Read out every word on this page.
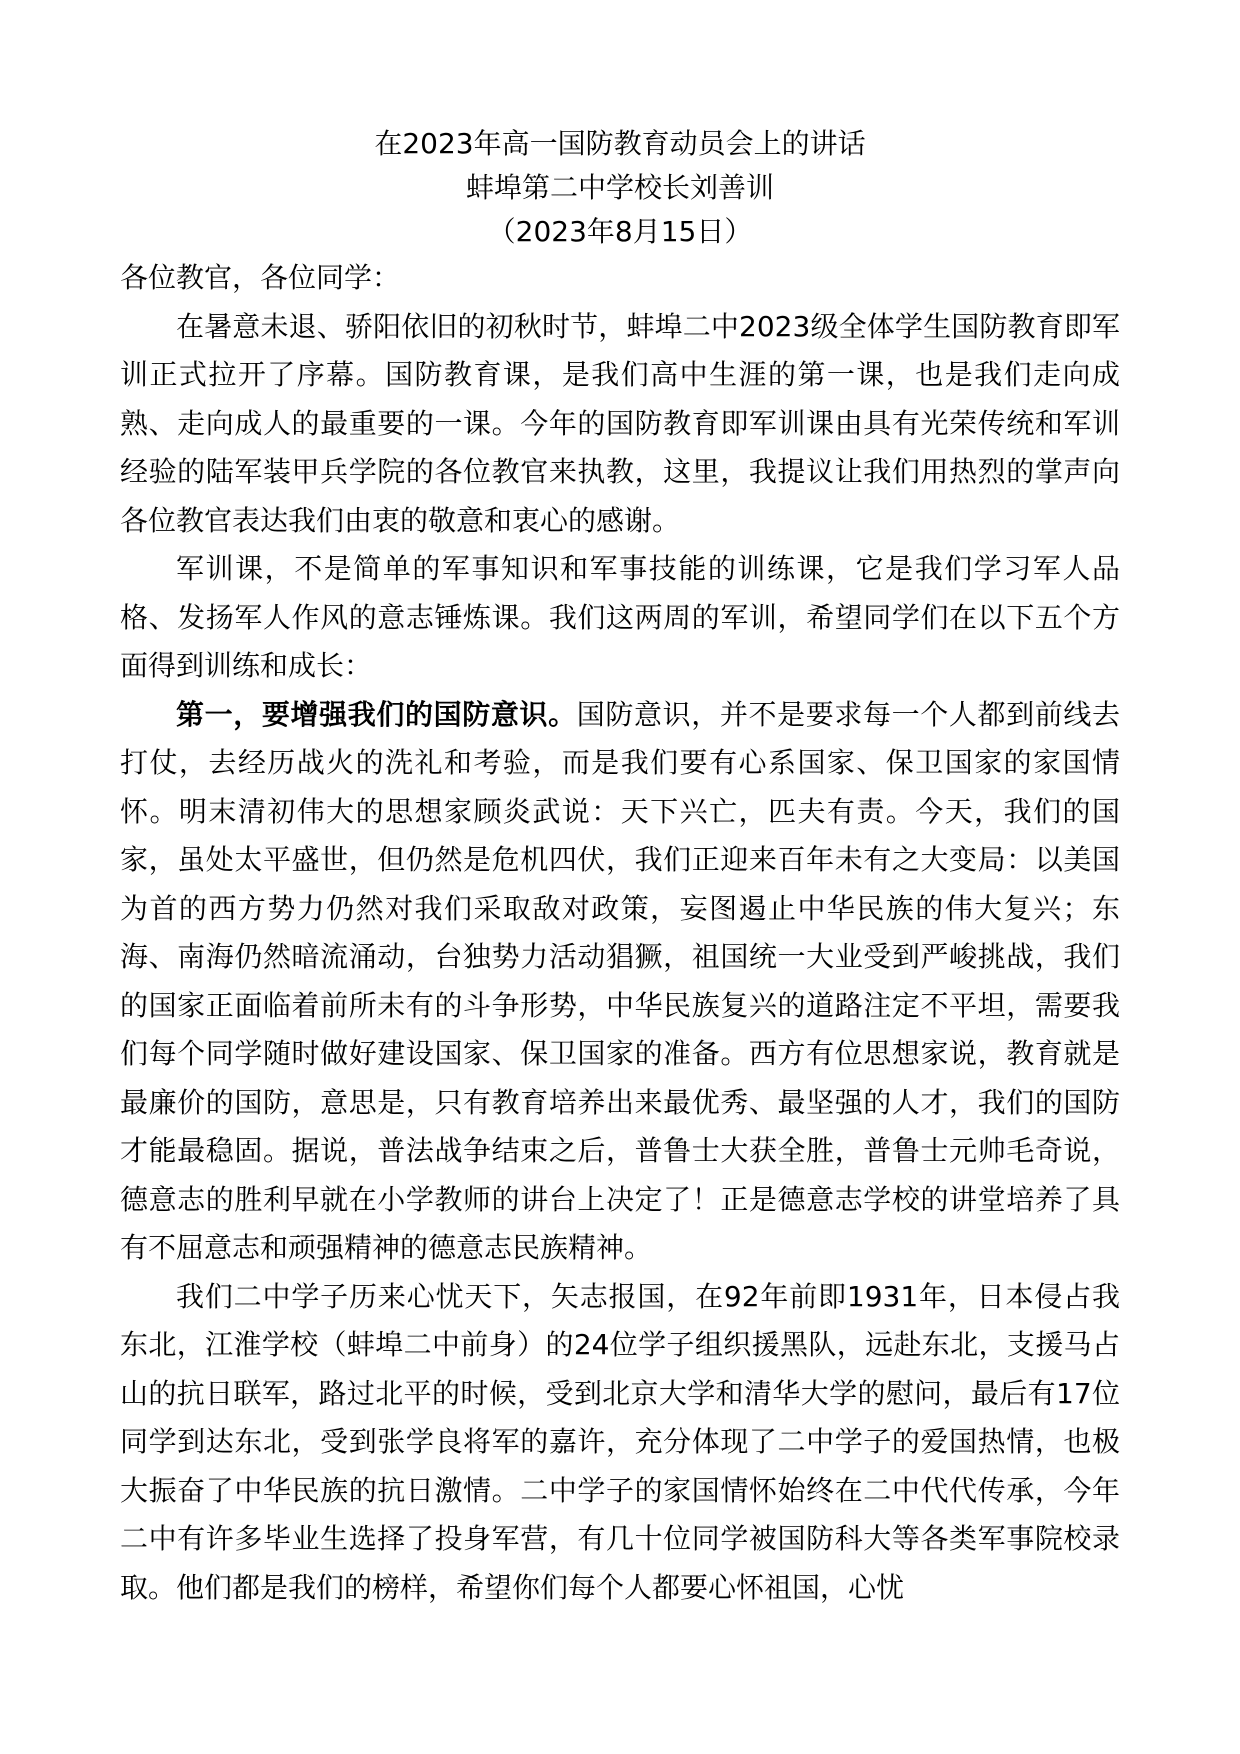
在2023年高一国防教育动员会上的讲话
蚌埠第二中学校长刘善训
（2023年8月15日）

各位教官，各位同学：

在暑意未退、骄阳依旧的初秋时节，蚌埠二中2023级全体学生国防教育即军训正式拉开了序幕。国防教育课，是我们高中生涯的第一课，也是我们走向成熟、走向成人的最重要的一课。今年的国防教育即军训课由具有光荣传统和军训经验的陆军装甲兵学院的各位教官来执教，这里，我提议让我们用热烈的掌声向各位教官表达我们由衷的敬意和衷心的感谢。

军训课，不是简单的军事知识和军事技能的训练课，它是我们学习军人品格、发扬军人作风的意志锤炼课。我们这两周的军训，希望同学们在以下五个方面得到训练和成长：

第一，要增强我们的国防意识。国防意识，并不是要求每一个人都到前线去打仗，去经历战火的洗礼和考验，而是我们要有心系国家、保卫国家的家国情怀。明末清初伟大的思想家顾炎武说：天下兴亡，匹夫有责。今天，我们的国家，虽处太平盛世，但仍然是危机四伏，我们正迎来百年未有之大变局：以美国为首的西方势力仍然对我们采取敌对政策，妄图遏止中华民族的伟大复兴；东海、南海仍然暗流涌动，台独势力活动猖獗，祖国统一大业受到严峻挑战，我们的国家正面临着前所未有的斗争形势，中华民族复兴的道路注定不平坦，需要我们每个同学随时做好建设国家、保卫国家的准备。西方有位思想家说，教育就是最廉价的国防，意思是，只有教育培养出来最优秀、最坚强的人才，我们的国防才能最稳固。据说，普法战争结束之后，普鲁士大获全胜，普鲁士元帅毛奇说，德意志的胜利早就在小学教师的讲台上决定了！正是德意志学校的讲堂培养了具有不屈意志和顽强精神的德意志民族精神。

我们二中学子历来心忧天下，矢志报国，在92年前即1931年，日本侵占我东北，江淮学校（蚌埠二中前身）的24位学子组织援黑队，远赴东北，支援马占山的抗日联军，路过北平的时候，受到北京大学和清华大学的慰问，最后有17位同学到达东北，受到张学良将军的嘉许，充分体现了二中学子的爱国热情，也极大振奋了中华民族的抗日激情。二中学子的家国情怀始终在二中代代传承，今年二中有许多毕业生选择了投身军营，有几十位同学被国防科大等各类军事院校录取。他们都是我们的榜样，希望你们每个人都要心怀祖国，心忧
